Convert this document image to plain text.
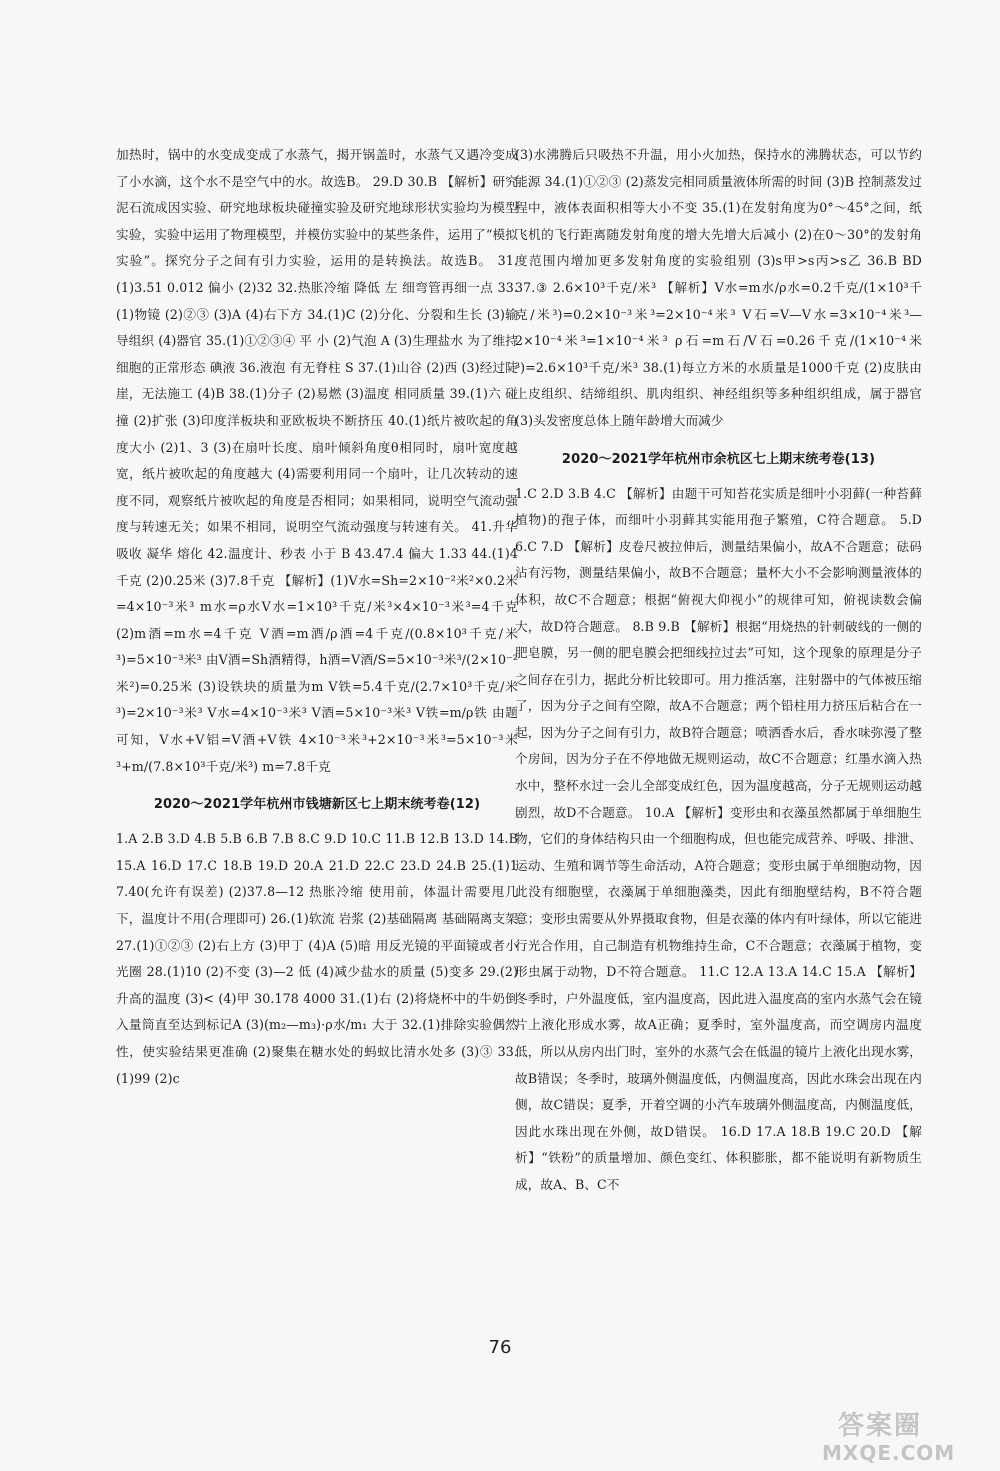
加热时，锅中的水变成变成了水蒸气，揭开锅盖时，水蒸气又遇冷变成了小水滴，这个水不是空气中的水。故选B。 29.D 30.B 【解析】研究泥石流成因实验、研究地球板块碰撞实验及研究地球形状实验均为模型实验，实验中运用了物理模型，并模仿实验中的某些条件，运用了“模拟实验”。探究分子之间有引力实验，运用的是转换法。故选B。 31.(1)3.51 0.012 偏小 (2)32 32.热胀冷缩 降低 左 细弯管再细一点 33.(1)物镜 (2)②③ (3)A (4)右下方 34.(1)C (2)分化、分裂和生长 (3)输导组织 (4)器官 35.(1)①②③④ 平 小 (2)气泡 A (3)生理盐水 为了维持细胞的正常形态 碘液 36.液泡 有无脊柱 S 37.(1)山谷 (2)西 (3)经过陡崖，无法施工 (4)B 38.(1)分子 (2)易燃 (3)温度 相同质量 39.(1)六 碰撞 (2)扩张 (3)印度洋板块和亚欧板块不断挤压 40.(1)纸片被吹起的角度大小 (2)1、3 (3)在扇叶长度、扇叶倾斜角度θ相同时，扇叶宽度越宽，纸片被吹起的角度越大 (4)需要利用同一个扇叶，让几次转动的速度不同，观察纸片被吹起的角度是否相同；如果相同，说明空气流动强度与转速无关；如果不相同，说明空气流动强度与转速有关。 41.升华 吸收 凝华 熔化 42.温度计、秒表 小于 B 43.47.4 偏大 1.33 44.(1)4千克 (2)0.25米 (3)7.8千克 【解析】(1)V水=Sh=2×10⁻²米²×0.2米=4×10⁻³米³ m水=ρ水V水=1×10³千克/米³×4×10⁻³米³=4千克 (2)m酒=m水=4千克 V酒=m酒/ρ酒=4千克/(0.8×10³千克/米³)=5×10⁻³米³ 由V酒=Sh酒精得，h酒=V酒/S=5×10⁻³米³/(2×10⁻²米²)=0.25米 (3)设铁块的质量为m V铁=5.4千克/(2.7×10³千克/米³)=2×10⁻³米³ V水=4×10⁻³米³ V酒=5×10⁻³米³ V铁=m/ρ铁 由题可知，V水+V铝=V酒+V铁 4×10⁻³米³+2×10⁻³米³=5×10⁻³米³+m/(7.8×10³千克/米³) m=7.8千克

2020～2021学年杭州市钱塘新区七上期末统考卷(12)

1.A 2.B 3.D 4.B 5.B 6.B 7.B 8.C 9.D 10.C 11.B 12.B 13.D 14.B 15.A 16.D 17.C 18.B 19.D 20.A 21.D 22.C 23.D 24.B 25.(1)1 7.40(允许有误差) (2)37.8—12 热胀冷缩 使用前，体温计需要甩几下，温度计不用(合理即可) 26.(1)软流 岩浆 (2)基础隔离 基础隔离支架 27.(1)①②③ (2)右上方 (3)甲丁 (4)A (5)暗 用反光镜的平面镜或者小光圈 28.(1)10 (2)不变 (3)—2 低 (4)减少盐水的质量 (5)变多 29.(2)升高的温度 (3)< (4)甲 30.178 4000 31.(1)右 (2)将烧杯中的牛奶倒入量筒直至达到标记A (3)(m₂—m₃)·ρ水/m₁ 大于 32.(1)排除实验偶然性，使实验结果更准确 (2)聚集在糖水处的蚂蚁比清水处多 (3)③ 33.(1)99 (2)c

(3)水沸腾后只吸热不升温，用小火加热，保持水的沸腾状态，可以节约能源 34.(1)①②③ (2)蒸发完相同质量液体所需的时间 (3)B 控制蒸发过程中，液体表面积相等大小不变 35.(1)在发射角度为0°～45°之间，纸飞机的飞行距离随发射角度的增大先增大后减小 (2)在0～30°的发射角度范围内增加更多发射角度的实验组别 (3)s甲>s丙>s乙 36.B BD 37.③ 2.6×10³千克/米³ 【解析】V水=m水/ρ水=0.2千克/(1×10³千克/米³)=0.2×10⁻³米³=2×10⁻⁴米³ V石=V—V水=3×10⁻⁴米³—2×10⁻⁴米³=1×10⁻⁴米³ ρ石=m石/V石=0.26千克/(1×10⁻⁴米³)=2.6×10³千克/米³ 38.(1)每立方米的水质量是1000千克 (2)皮肤由上皮组织、结缔组织、肌肉组织、神经组织等多种组织组成，属于器官 (3)头发密度总体上随年龄增大而减少

2020～2021学年杭州市余杭区七上期末统考卷(13)

1.C 2.D 3.B 4.C 【解析】由题干可知苔花实质是细叶小羽藓(一种苔藓植物)的孢子体，而细叶小羽藓其实能用孢子繁殖，C符合题意。 5.D 6.C 7.D 【解析】皮卷尺被拉伸后，测量结果偏小，故A不合题意；砝码沾有污物，测量结果偏小，故B不合题意；量杯大小不会影响测量液体的体积，故C不合题意；根据“俯视大仰视小”的规律可知，俯视读数会偏大，故D符合题意。 8.B 9.B 【解析】根据“用烧热的针刺破线的一侧的肥皂膜，另一侧的肥皂膜会把细线拉过去”可知，这个现象的原理是分子之间存在引力，据此分析比较即可。用力推活塞，注射器中的气体被压缩了，因为分子之间有空隙，故A不合题意；两个铅柱用力挤压后粘合在一起，因为分子之间有引力，故B符合题意；喷洒香水后，香水味弥漫了整个房间，因为分子在不停地做无规则运动，故C不合题意；红墨水滴入热水中，整杯水过一会儿全部变成红色，因为温度越高，分子无规则运动越剧烈，故D不合题意。 10.A 【解析】变形虫和衣藻虽然都属于单细胞生物，它们的身体结构只由一个细胞构成，但也能完成营养、呼吸、排泄、运动、生殖和调节等生命活动，A符合题意；变形虫属于单细胞动物，因此没有细胞壁，衣藻属于单细胞藻类，因此有细胞壁结构，B不符合题意；变形虫需要从外界摄取食物，但是衣藻的体内有叶绿体，所以它能进行光合作用，自己制造有机物维持生命，C不合题意；衣藻属于植物，变形虫属于动物，D不符合题意。 11.C 12.A 13.A 14.C 15.A 【解析】冬季时，户外温度低，室内温度高，因此进入温度高的室内水蒸气会在镜片上液化形成水雾，故A正确；夏季时，室外温度高，而空调房内温度低，所以从房内出门时，室外的水蒸气会在低温的镜片上液化出现水雾，故B错误；冬季时，玻璃外侧温度低，内侧温度高，因此水珠会出现在内侧，故C错误；夏季，开着空调的小汽车玻璃外侧温度高，内侧温度低，因此水珠出现在外侧，故D错误。 16.D 17.A 18.B 19.C 20.D 【解析】“铁粉”的质量增加、颜色变红、体积膨胀，都不能说明有新物质生成，故A、B、C不

76
答案圈
MXQE.COM
